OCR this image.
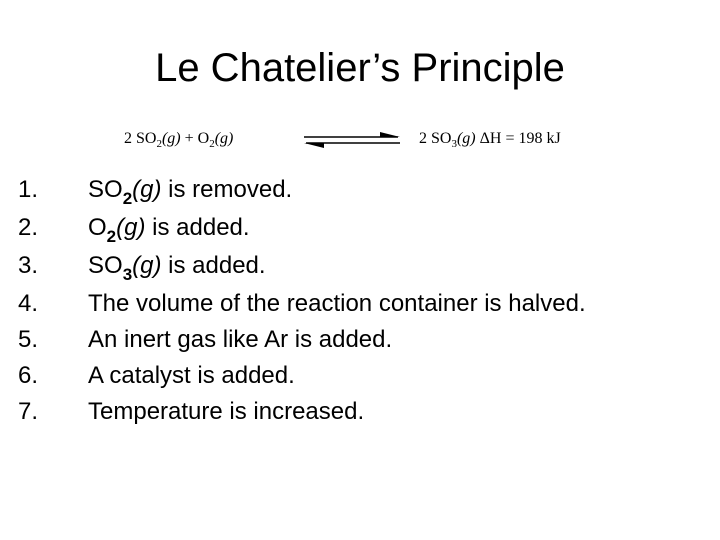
Le Chatelier’s Principle
2 $SO_2(g) + O_2(g)$	2 $SO_3(g) \Delta H = 198$ kJ
1.	$SO_2(g)$ is removed.
2.	$O_2(g)$ is added.
3.	$SO_3(g)$ is added.
4.	The volume of the reaction container is halved.
5.	An inert gas like Ar is added.
6.	A catalyst is added.
7.	Temperature is increased.
